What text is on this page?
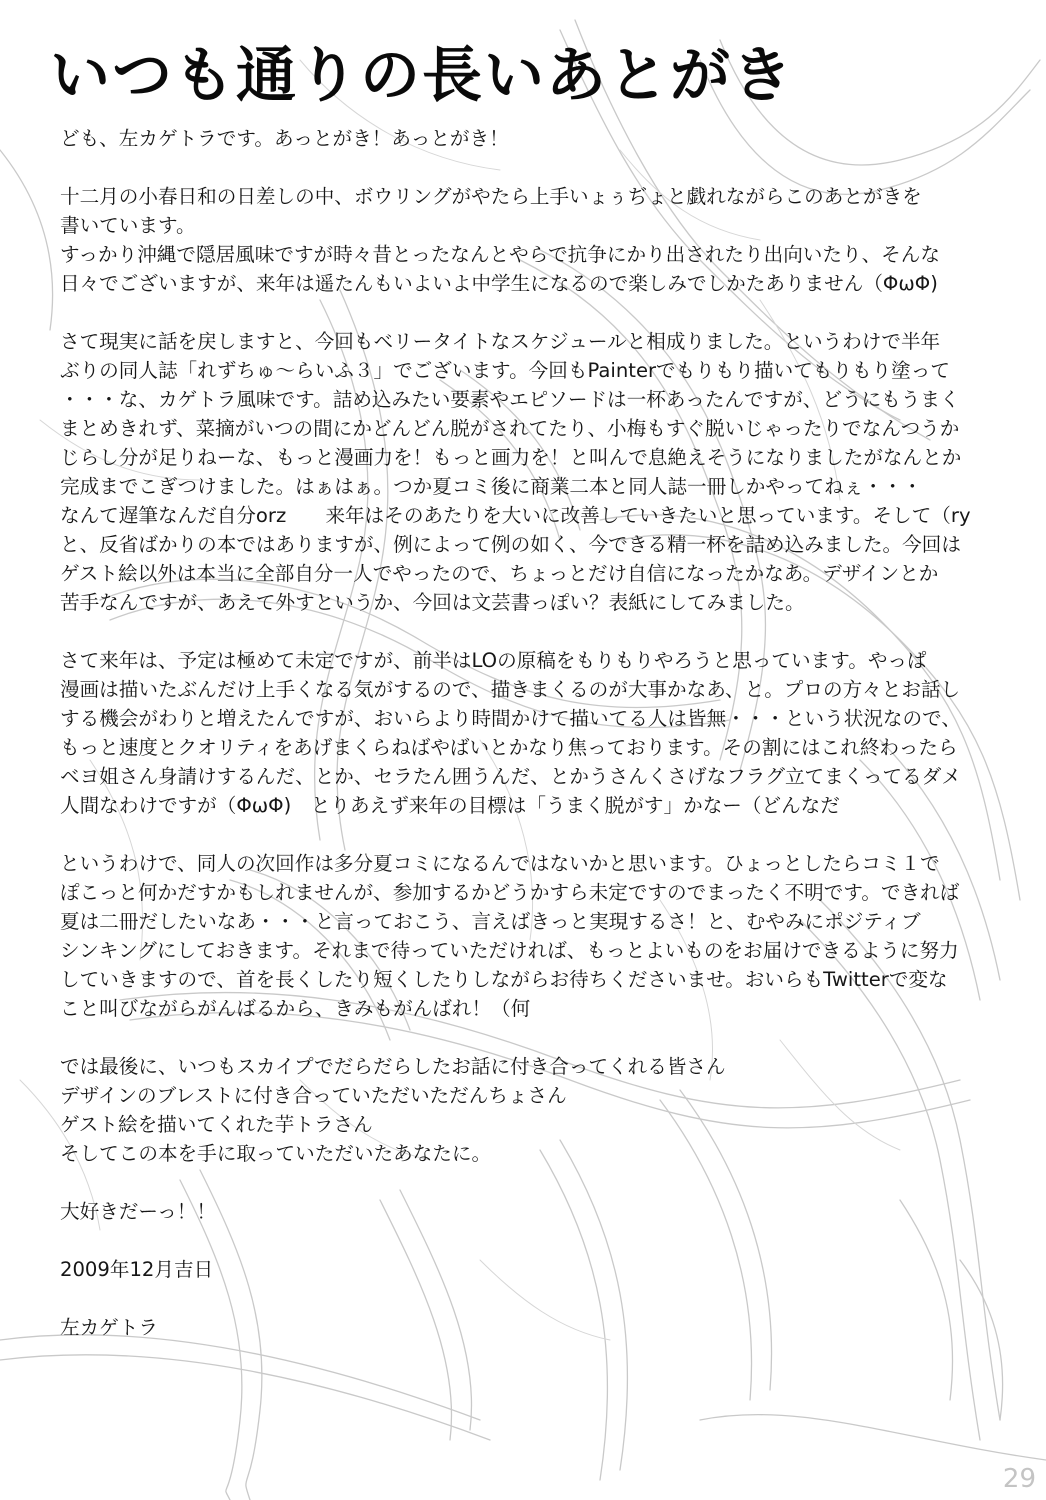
いつも通りの長いあとがき
ども、左カゲトラです。あっとがき！あっとがき！
十二月の小春日和の日差しの中、ボウリングがやたら上手いょぅぢょと戯れながらこのあとがきを
書いています。
すっかり沖縄で隠居風味ですが時々昔とったなんとやらで抗争にかり出されたり出向いたり、そんな
日々でございますが、来年は遥たんもいよいよ中学生になるので楽しみでしかたありません（ΦωΦ)
さて現実に話を戻しますと、今回もベリータイトなスケジュールと相成りました。というわけで半年
ぶりの同人誌「れずちゅ〜らいふ３」でございます。今回もPainterでもりもり描いてもりもり塗って
・・・な、カゲトラ風味です。詰め込みたい要素やエピソードは一杯あったんですが、どうにもうまく
まとめきれず、菜摘がいつの間にかどんどん脱がされてたり、小梅もすぐ脱いじゃったりでなんつうか
じらし分が足りねーな、もっと漫画力を！もっと画力を！と叫んで息絶えそうになりましたがなんとか
完成までこぎつけました。はぁはぁ。つか夏コミ後に商業二本と同人誌一冊しかやってねぇ・・・
なんて遅筆なんだ自分orz　　来年はそのあたりを大いに改善していきたいと思っています。そして（ry
と、反省ばかりの本ではありますが、例によって例の如く、今できる精一杯を詰め込みました。今回は
ゲスト絵以外は本当に全部自分一人でやったので、ちょっとだけ自信になったかなあ。デザインとか
苦手なんですが、あえて外すというか、今回は文芸書っぽい？表紙にしてみました。
さて来年は、予定は極めて未定ですが、前半はLOの原稿をもりもりやろうと思っています。やっぱ
漫画は描いたぶんだけ上手くなる気がするので、描きまくるのが大事かなあ、と。プロの方々とお話し
する機会がわりと増えたんですが、おいらより時間かけて描いてる人は皆無・・・という状況なので、
もっと速度とクオリティをあげまくらねばやばいとかなり焦っております。その割にはこれ終わったら
ベヨ姐さん身請けするんだ、とか、セラたん囲うんだ、とかうさんくさげなフラグ立てまくってるダメ
人間なわけですが（ΦωΦ)　とりあえず来年の目標は「うまく脱がす」かなー（どんなだ
というわけで、同人の次回作は多分夏コミになるんではないかと思います。ひょっとしたらコミ１で
ぽこっと何かだすかもしれませんが、参加するかどうかすら未定ですのでまったく不明です。できれば
夏は二冊だしたいなあ・・・と言っておこう、言えばきっと実現するさ！と、むやみにポジティブ
シンキングにしておきます。それまで待っていただければ、もっとよいものをお届けできるように努力
していきますので、首を長くしたり短くしたりしながらお待ちくださいませ。おいらもTwitterで変な
こと叫びながらがんばるから、きみもがんばれ！（何
では最後に、いつもスカイプでだらだらしたお話に付き合ってくれる皆さん
デザインのブレストに付き合っていただいただんちょさん
ゲスト絵を描いてくれた芋トラさん
そしてこの本を手に取っていただいたあなたに。
大好きだーっ！！
2009年12月吉日
左カゲトラ
29
